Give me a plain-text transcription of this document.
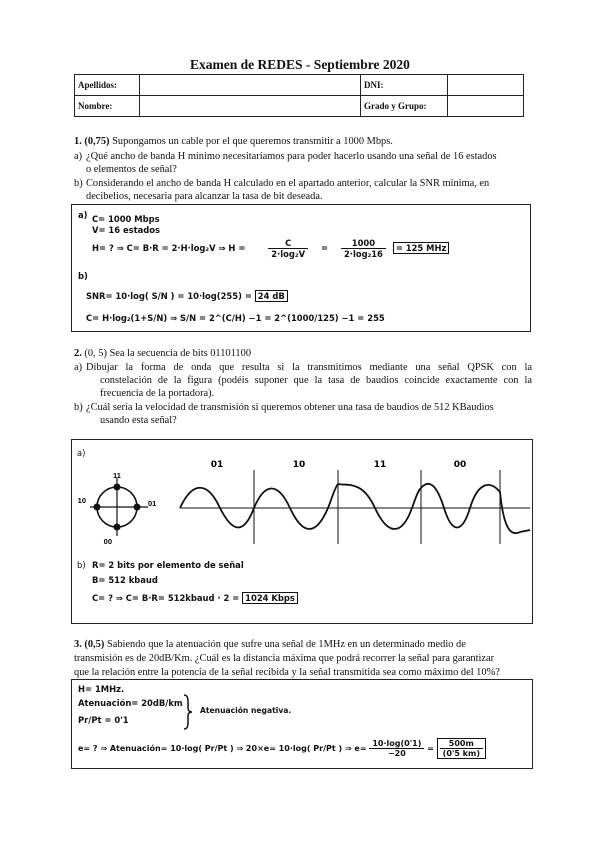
Examen de REDES - Septiembre 2020
Apellidos:		DNI:	
Nombre:		Grado y Grupo:	
1. (0,75) Supongamos un cable por el que queremos transmitir a 1000 Mbps.
a) ¿Qué ancho de banda H mínimo necesitaríamos para poder hacerlo usando una señal de 16 estados
o elementos de señal?
b) Considerando el ancho de banda H calculado en el apartado anterior, calcular la SNR mínima, en
decibelios, necesaria para alcanzar la tasa de bit deseada.
a) C= 1000 Mbps
V= 16 estados
H= ? ⇒ C= B·R = 2·H·log₂V ⇒ H =	$\frac{C}{\text{2·log₂V}} = \frac{1000}{\text{2·log₂16}} = 125$ MHz
b)
SNR= 10·log( S/N ) = 10·log(255) = 24 dB
C= H·log₂(1+S/N) ⇒ S/N = 2^(C/H) −1 = 2^(1000/125) −1 = 255
2. (0, 5) Sea la secuencia de bits 01101100
a) Dibujar la forma de onda que resulta si la transmitimos mediante una señal QPSK con la
constelación de la figura (podéis suponer que la tasa de baudios coincide exactamente con la
frecuencia de la portadora).
b) ¿Cuál sería la velocidad de transmisión si queremos obtener una tasa de baudios de 512 KBaudios
usando esta señal?
a)
11
10	01
00
01	10	11	00
b) R= 2 bits por elemento de señal
B= 512 kbaud
C= ? ⇒ C= B·R= 512kbaud · 2 = 1024 Kbps
3. (0,5) Sabiendo que la atenuación que sufre una señal de 1MHz en un determinado medio de
transmisión es de 20dB/Km. ¿Cuál es la distancia máxima que podrá recorrer la señal para garantizar
que la relación entre la potencia de la señal recibida y la señal transmitida sea como máximo del 10%?
H= 1MHz.
Atenuación= 20dB/km
Pr/Pt = 0'1
Atenuación negativa.
e= ? ⇒ Atenuación= 10·log( Pr/Pt ) ⇒ 20×e= 10·log( Pr/Pt ) ⇒ $e= \frac{10\cdot\log(0'1)}{-20} = \frac{500m}{(0'5 km)}$
